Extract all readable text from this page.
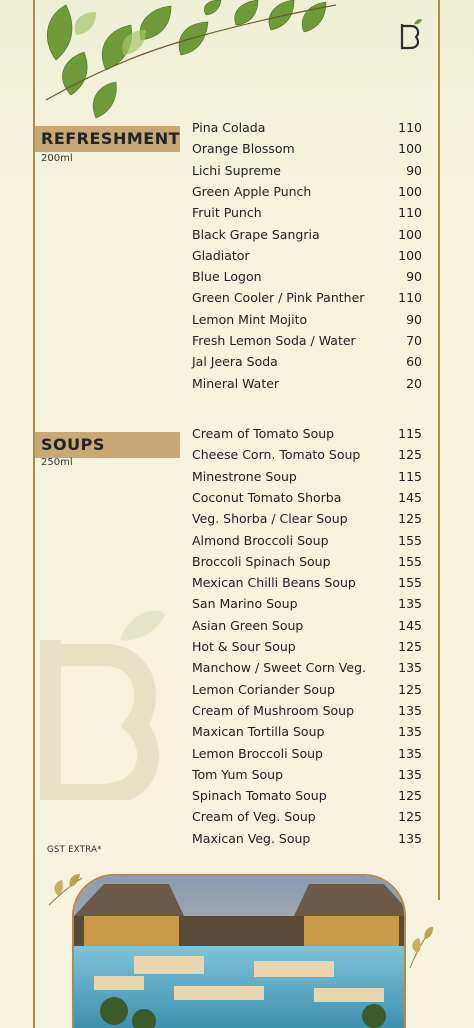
REFRESHMENT
200ml
Pina Colada	110
Orange Blossom	100
Lichi Supreme	90
Green Apple Punch	100
Fruit Punch	110
Black Grape Sangria	100
Gladiator	100
Blue Logon	90
Green Cooler / Pink Panther	110
Lemon Mint Mojito	90
Fresh Lemon Soda / Water	70
Jal Jeera Soda	60
Mineral Water	20
SOUPS
250ml
Cream of Tomato Soup	115
Cheese Corn. Tomato Soup	125
Minestrone Soup	115
Coconut Tomato Shorba	145
Veg. Shorba / Clear Soup	125
Almond Broccoli Soup	155
Broccoli Spinach Soup	155
Mexican Chilli Beans Soup	155
San Marino Soup	135
Asian Green Soup	145
Hot & Sour Soup	125
Manchow / Sweet Corn Veg.	135
Lemon Coriander Soup	125
Cream of Mushroom Soup	135
Maxican Tortilla Soup	135
Lemon Broccoli Soup	135
Tom Yum Soup	135
Spinach Tomato Soup	125
Cream of Veg. Soup	125
Maxican Veg. Soup	135
GST EXTRA*
